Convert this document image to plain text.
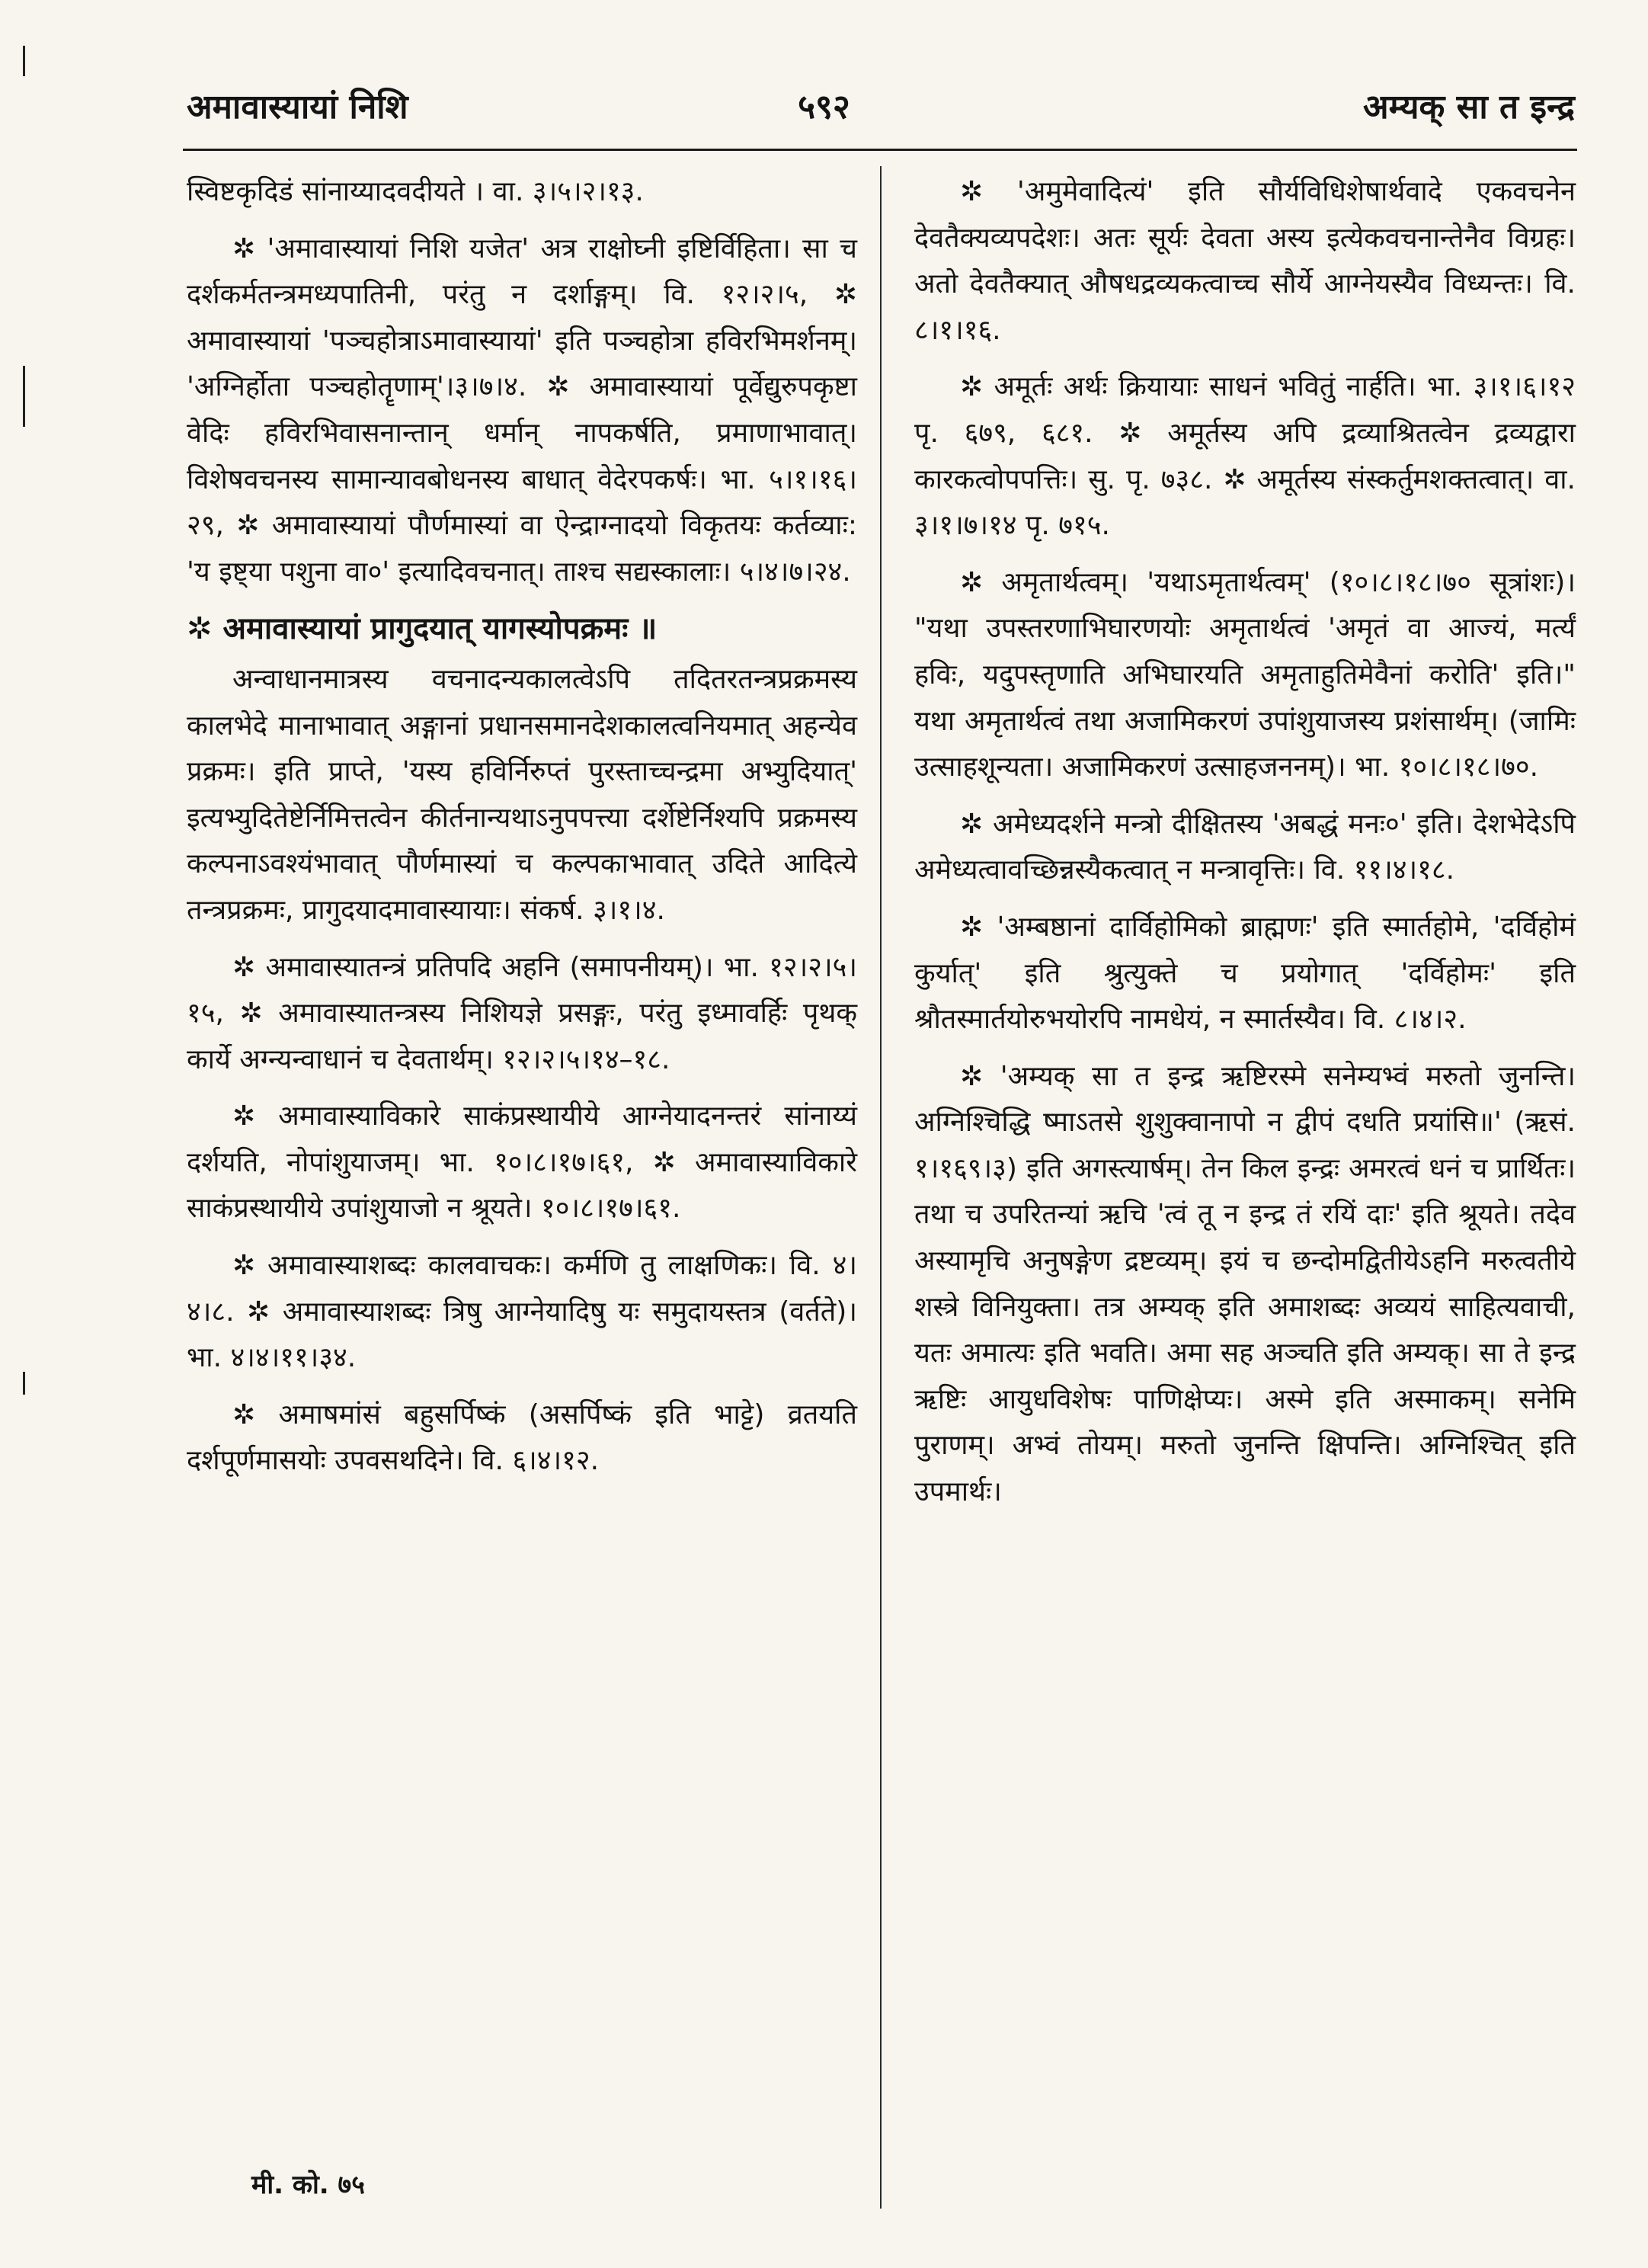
अमावास्यायां निशि	५९२	अम्यक् सा त इन्द्र

स्विष्टकृदिडं सांनाय्यादवदीयते । वा. ३।५।२।१३.

✲ 'अमावास्यायां निशि यजेत' अत्र राक्षोघ्नी इष्टिर्विहिता। सा च दर्शकर्मतन्त्रमध्यपातिनी, परंतु न दर्शाङ्गम्। वि. १२।२।५, ✲ अमावास्यायां 'पञ्चहोत्राऽमावास्यायां' इति पञ्चहोत्रा हविरभिमर्शनम्। 'अग्निर्होता पञ्चहोतॄणाम्'।३।७।४. ✲ अमावास्यायां पूर्वेद्युरुपकृष्टा वेदिः हविरभिवासनान्तान् धर्मान् नापकर्षति, प्रमाणाभावात्। विशेषवचनस्य सामान्यावबोधनस्य बाधात् वेदेरपकर्षः। भा. ५।१।१६।२९, ✲ अमावास्यायां पौर्णमास्यां वा ऐन्द्राग्नादयो विकृतयः कर्तव्याः: 'य इष्ट्या पशुना वा०' इत्यादिवचनात्। ताश्च सद्यस्कालाः। ५।४।७।२४.

✲ अमावास्यायां प्रागुदयात् यागस्योपक्रमः ॥

अन्वाधानमात्रस्य वचनादन्यकालत्वेऽपि तदितरतन्त्रप्रक्रमस्य कालभेदे मानाभावात् अङ्गानां प्रधानसमानदेशकालत्वनियमात् अहन्येव प्रक्रमः। इति प्राप्ते, 'यस्य हविर्निरुप्तं पुरस्ताच्चन्द्रमा अभ्युदियात्' इत्यभ्युदितेष्टेर्निमित्तत्वेन कीर्तनान्यथाऽनुपपत्त्या दर्शेष्टेर्निश्यपि प्रक्रमस्य कल्पनाऽवश्यंभावात् पौर्णमास्यां च कल्पकाभावात् उदिते आदित्ये तन्त्रप्रक्रमः, प्रागुदयादमावास्यायाः। संकर्ष. ३।१।४.

✲ अमावास्यातन्त्रं प्रतिपदि अहनि (समापनीयम्)। भा. १२।२।५।१५, ✲ अमावास्यातन्त्रस्य निशियज्ञे प्रसङ्गः, परंतु इध्मावर्हिः पृथक् कार्ये अग्न्यन्वाधानं च देवतार्थम्। १२।२।५।१४–१८.

✲ अमावास्याविकारे साकंप्रस्थायीये आग्नेयादनन्तरं सांनाय्यं दर्शयति, नोपांशुयाजम्। भा. १०।८।१७।६१, ✲ अमावास्याविकारे साकंप्रस्थायीये उपांशुयाजो न श्रूयते। १०।८।१७।६१.

✲ अमावास्याशब्दः कालवाचकः। कर्मणि तु लाक्षणिकः। वि. ४।४।८. ✲ अमावास्याशब्दः त्रिषु आग्नेयादिषु यः समुदायस्तत्र (वर्तते)। भा. ४।४।११।३४.

✲ अमाषमांसं बहुसर्पिष्कं (असर्पिष्कं इति भाट्टे) व्रतयति दर्शपूर्णमासयोः उपवसथदिने। वि. ६।४।१२.

✲ 'अमुमेवादित्यं' इति सौर्यविधिशेषार्थवादे एकवचनेन देवतैक्यव्यपदेशः। अतः सूर्यः देवता अस्य इत्येकवचनान्तेनैव विग्रहः। अतो देवतैक्यात् औषधद्रव्यकत्वाच्च सौर्ये आग्नेयस्यैव विध्यन्तः। वि. ८।१।१६.

✲ अमूर्तः अर्थः क्रियायाः साधनं भवितुं नार्हति। भा. ३।१।६।१२ पृ. ६७९, ६८१. ✲ अमूर्तस्य अपि द्रव्याश्रितत्वेन द्रव्यद्वारा कारकत्वोपपत्तिः। सु. पृ. ७३८. ✲ अमूर्तस्य संस्कर्तुमशक्तत्वात्। वा. ३।१।७।१४ पृ. ७१५.

✲ अमृतार्थत्वम्। 'यथाऽमृतार्थत्वम्' (१०।८।१८।७० सूत्रांशः)। "यथा उपस्तरणाभिघारणयोः अमृतार्थत्वं 'अमृतं वा आज्यं, मर्त्यं हविः, यदुपस्तृणाति अभिघारयति अमृताहुतिमेवैनां करोति' इति।" यथा अमृतार्थत्वं तथा अजामिकरणं उपांशुयाजस्य प्रशंसार्थम्। (जामिः उत्साहशून्यता। अजामिकरणं उत्साहजननम्)। भा. १०।८।१८।७०.

✲ अमेध्यदर्शने मन्त्रो दीक्षितस्य 'अबद्धं मनः०' इति। देशभेदेऽपि अमेध्यत्वावच्छिन्नस्यैकत्वात् न मन्त्रावृत्तिः। वि. ११।४।१८.

✲ 'अम्बष्ठानां दार्विहोमिको ब्राह्मणः' इति स्मार्तहोमे, 'दर्विहोमं कुर्यात्' इति श्रुत्युक्ते च प्रयोगात् 'दर्विहोमः' इति श्रौतस्मार्तयोरुभयोरपि नामधेयं, न स्मार्तस्यैव। वि. ८।४।२.

✲ 'अम्यक् सा त इन्द्र ऋष्टिरस्मे सनेम्यभ्वं मरुतो जुनन्ति। अग्निश्चिद्धि ष्माऽतसे शुशुक्वानापो न द्वीपं दधति प्रयांसि॥' (ऋसं. १।१६९।३) इति अगस्त्यार्षम्। तेन किल इन्द्रः अमरत्वं धनं च प्रार्थितः। तथा च उपरितन्यां ऋचि 'त्वं तू न इन्द्र तं रयिं दाः' इति श्रूयते। तदेव अस्यामृचि अनुषङ्गेण द्रष्टव्यम्। इयं च छन्दोमद्वितीयेऽहनि मरुत्वतीये शस्त्रे विनियुक्ता। तत्र अम्यक् इति अमाशब्दः अव्ययं साहित्यवाची, यतः अमात्यः इति भवति। अमा सह अञ्चति इति अम्यक्। सा ते इन्द्र ऋष्टिः आयुधविशेषः पाणिक्षेप्यः। अस्मे इति अस्माकम्। सनेमि पुराणम्। अभ्वं तोयम्। मरुतो जुनन्ति क्षिपन्ति। अग्निश्चित् इति उपमार्थः।

मी. को. ७५
